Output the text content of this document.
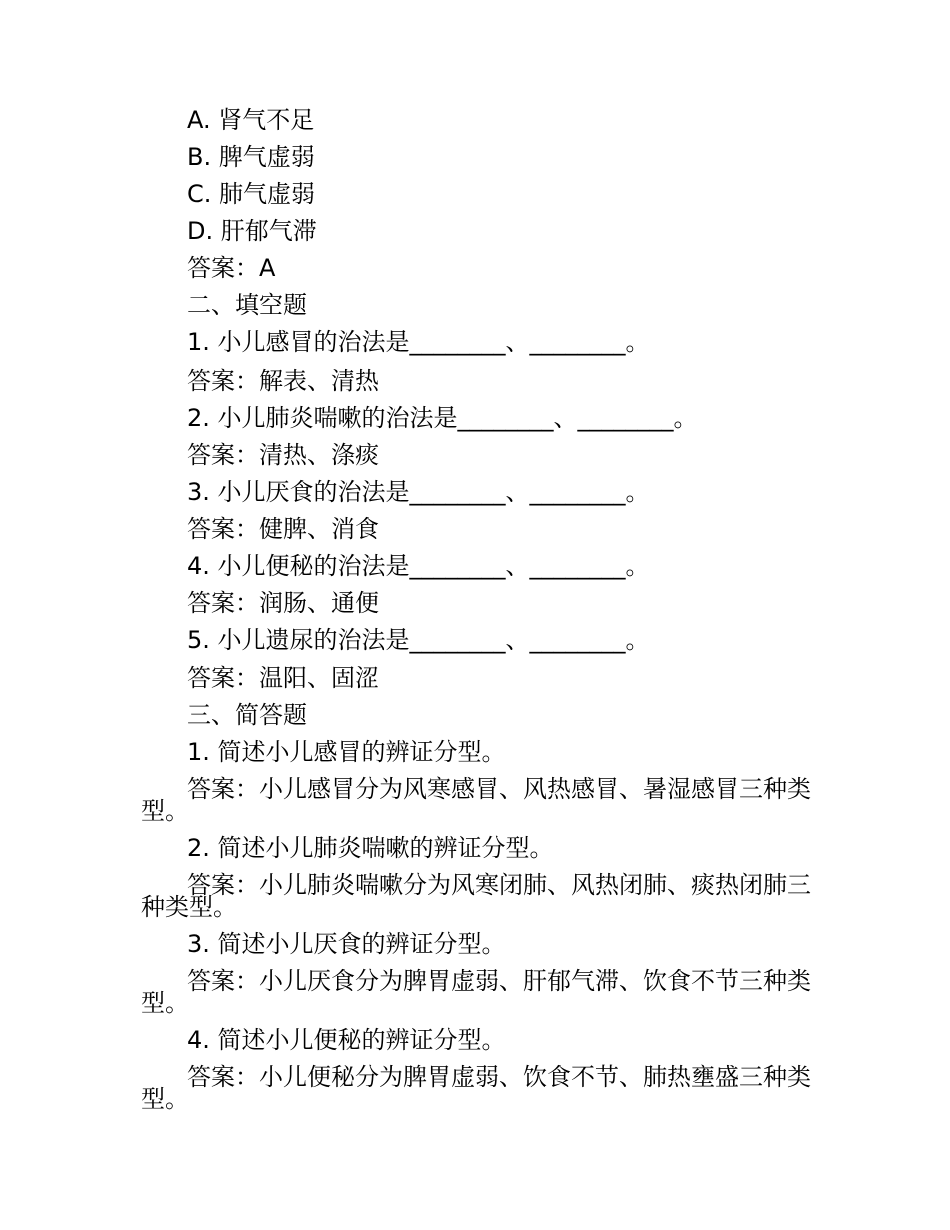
A. 肾气不足

B. 脾气虚弱

C. 肺气虚弱

D. 肝郁气滞

答案：A

二、填空题

1. 小儿感冒的治法是________、________。

答案：解表、清热

2. 小儿肺炎喘嗽的治法是________、________。

答案：清热、涤痰

3. 小儿厌食的治法是________、________。

答案：健脾、消食

4. 小儿便秘的治法是________、________。

答案：润肠、通便

5. 小儿遗尿的治法是________、________。

答案：温阳、固涩

三、简答题

1. 简述小儿感冒的辨证分型。

答案：小儿感冒分为风寒感冒、风热感冒、暑湿感冒三种类型。

2. 简述小儿肺炎喘嗽的辨证分型。

答案：小儿肺炎喘嗽分为风寒闭肺、风热闭肺、痰热闭肺三种类型。

3. 简述小儿厌食的辨证分型。

答案：小儿厌食分为脾胃虚弱、肝郁气滞、饮食不节三种类型。

4. 简述小儿便秘的辨证分型。

答案：小儿便秘分为脾胃虚弱、饮食不节、肺热壅盛三种类型。
